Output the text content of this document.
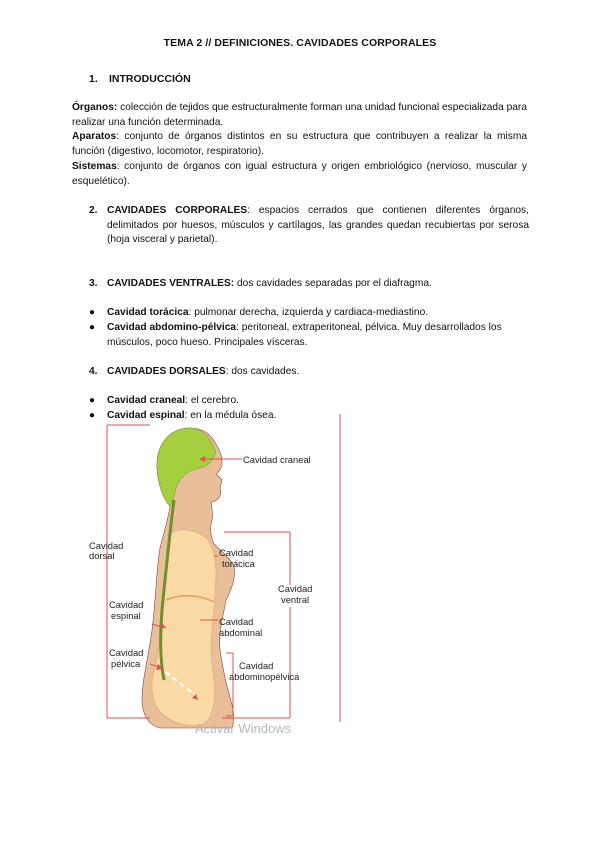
TEMA 2 // DEFINICIONES. CAVIDADES CORPORALES
1. INTRODUCCIÓN
Órganos: colección de tejidos que estructuralmente forman una unidad funcional especializada para realizar una función determinada.
Aparatos: conjunto de órganos distintos en su estructura que contribuyen a realizar la misma función (digestivo, locomotor, respiratorio).
Sistemas: conjunto de órganos con igual estructura y origen embriológico (nervioso, muscular y esquelético).
2. CAVIDADES CORPORALES: espacios cerrados que contienen diferentes órganos, delimitados por huesos, músculos y cartílagos, las grandes quedan recubiertas por serosa (hoja visceral y parietal).
3. CAVIDADES VENTRALES: dos cavidades separadas por el diafragma.
● Cavidad torácica: pulmonar derecha, izquierda y cardiaca-mediastino.
● Cavidad abdomino-pélvica: peritoneal, extraperitoneal, pélvica. Muy desarrollados los músculos, poco hueso. Principales vísceras.
4. CAVIDADES DORSALES: dos cavidades.
● Cavidad craneal: el cerebro.
● Cavidad espinal: en la médula ósea.
Cavidad craneal
Cavidad
dorsal	Cavidad
torácica
Cavidad
ventral
Cavidad
espinal
Cavidad
abdominal
Cavidad
pélvica	Cavidad
abdominopélvica
Activar Windows
